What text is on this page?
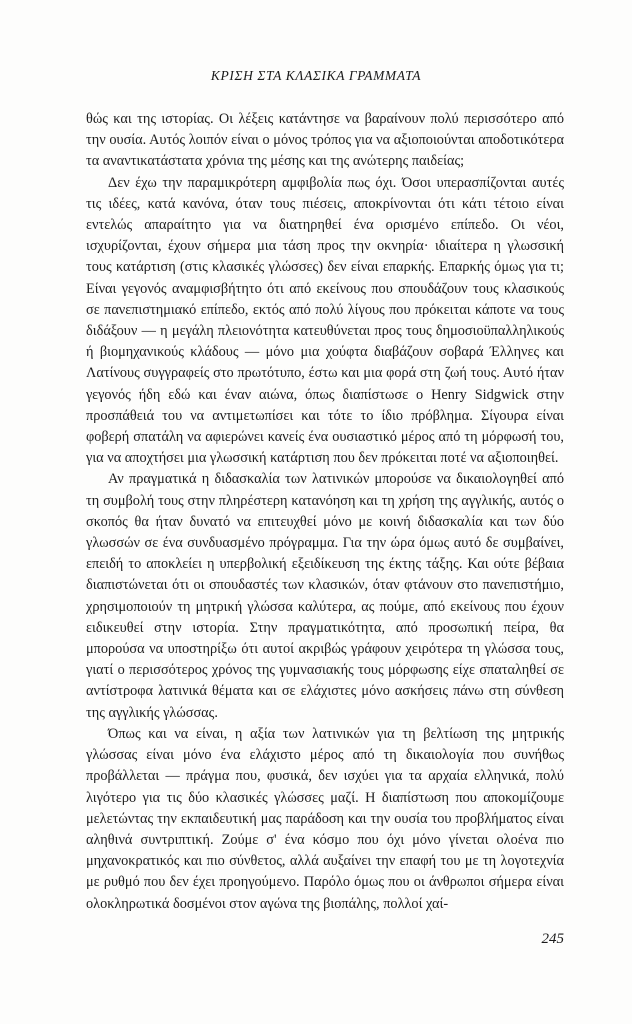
ΚΡΙΣΗ ΣΤΑ ΚΛΑΣΙΚΑ ΓΡΑΜΜΑΤΑ

θώς και της ιστορίας. Οι λέξεις κατάντησε να βαραίνουν πολύ περισσότερο από την ουσία. Αυτός λοιπόν είναι ο μόνος τρόπος για να αξιοποιούνται αποδοτικότερα τα αναντικατάστατα χρόνια της μέσης και της ανώτερης παιδείας;

Δεν έχω την παραμικρότερη αμφιβολία πως όχι. Όσοι υπερασπίζονται αυτές τις ιδέες, κατά κανόνα, όταν τους πιέσεις, αποκρίνονται ότι κάτι τέτοιο είναι εντελώς απαραίτητο για να διατηρηθεί ένα ορισμένο επίπεδο. Οι νέοι, ισχυρίζονται, έχουν σήμερα μια τάση προς την οκνηρία· ιδιαίτερα η γλωσσική τους κατάρτιση (στις κλασικές γλώσσες) δεν είναι επαρκής. Επαρκής όμως για τι; Είναι γεγονός αναμφισβήτητο ότι από εκείνους που σπουδάζουν τους κλασικούς σε πανεπιστημιακό επίπεδο, εκτός από πολύ λίγους που πρόκειται κάποτε να τους διδάξουν — η μεγάλη πλειονότητα κατευθύνεται προς τους δημοσιοϋπαλληλικούς ή βιομηχανικούς κλάδους — μόνο μια χούφτα διαβάζουν σοβαρά Έλληνες και Λατίνους συγγραφείς στο πρωτότυπο, έστω και μια φορά στη ζωή τους. Αυτό ήταν γεγονός ήδη εδώ και έναν αιώνα, όπως διαπίστωσε ο Henry Sidgwick στην προσπάθειά του να αντιμετωπίσει και τότε το ίδιο πρόβλημα. Σίγουρα είναι φοβερή σπατάλη να αφιερώνει κανείς ένα ουσιαστικό μέρος από τη μόρφωσή του, για να αποχτήσει μια γλωσσική κατάρτιση που δεν πρόκειται ποτέ να αξιοποιηθεί.

Αν πραγματικά η διδασκαλία των λατινικών μπορούσε να δικαιολογηθεί από τη συμβολή τους στην πληρέστερη κατανόηση και τη χρήση της αγγλικής, αυτός ο σκοπός θα ήταν δυνατό να επιτευχθεί μόνο με κοινή διδασκαλία και των δύο γλωσσών σε ένα συνδυασμένο πρόγραμμα. Για την ώρα όμως αυτό δε συμβαίνει, επειδή το αποκλείει η υπερβολική εξειδίκευση της έκτης τάξης. Και ούτε βέβαια διαπιστώνεται ότι οι σπουδαστές των κλασικών, όταν φτάνουν στο πανεπιστήμιο, χρησιμοποιούν τη μητρική γλώσσα καλύτερα, ας πούμε, από εκείνους που έχουν ειδικευθεί στην ιστορία. Στην πραγματικότητα, από προσωπική πείρα, θα μπορούσα να υποστηρίξω ότι αυτοί ακριβώς γράφουν χειρότερα τη γλώσσα τους, γιατί ο περισσότερος χρόνος της γυμνασιακής τους μόρφωσης είχε σπαταληθεί σε αντίστροφα λατινικά θέματα και σε ελάχιστες μόνο ασκήσεις πάνω στη σύνθεση της αγγλικής γλώσσας.

Όπως και να είναι, η αξία των λατινικών για τη βελτίωση της μητρικής γλώσσας είναι μόνο ένα ελάχιστο μέρος από τη δικαιολογία που συνήθως προβάλλεται — πράγμα που, φυσικά, δεν ισχύει για τα αρχαία ελληνικά, πολύ λιγότερο για τις δύο κλασικές γλώσσες μαζί. Η διαπίστωση που αποκομίζουμε μελετώντας την εκπαιδευτική μας παράδοση και την ουσία του προβλήματος είναι αληθινά συντριπτική. Ζούμε σ' ένα κόσμο που όχι μόνο γίνεται ολοένα πιο μηχανοκρατικός και πιο σύνθετος, αλλά αυξαίνει την επαφή του με τη λογοτεχνία με ρυθμό που δεν έχει προηγούμενο. Παρόλο όμως που οι άνθρωποι σήμερα είναι ολοκληρωτικά δοσμένοι στον αγώνα της βιοπάλης, πολλοί χαί-

245
